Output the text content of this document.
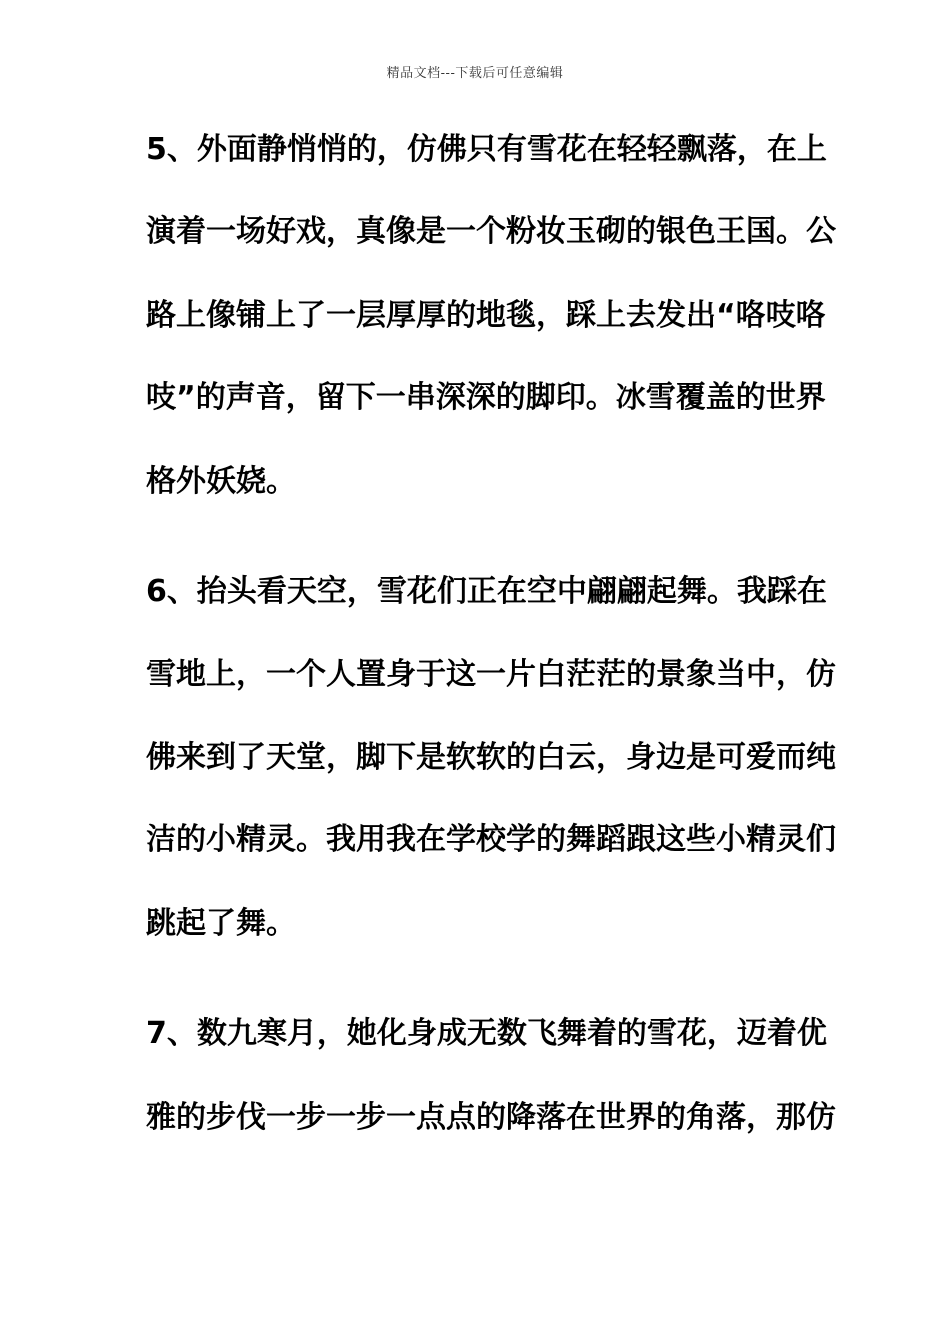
精品文档---下载后可任意编辑
5、外面静悄悄的，仿佛只有雪花在轻轻飘落，在上
演着一场好戏，真像是一个粉妆玉砌的银色王国。公
路上像铺上了一层厚厚的地毯，踩上去发出“咯吱咯
吱”的声音，留下一串深深的脚印。冰雪覆盖的世界
格外妖娆。
6、抬头看天空，雪花们正在空中翩翩起舞。我踩在
雪地上，一个人置身于这一片白茫茫的景象当中，仿
佛来到了天堂，脚下是软软的白云，身边是可爱而纯
洁的小精灵。我用我在学校学的舞蹈跟这些小精灵们
跳起了舞。
7、数九寒月，她化身成无数飞舞着的雪花，迈着优
雅的步伐一步一步一点点的降落在世界的角落，那仿
